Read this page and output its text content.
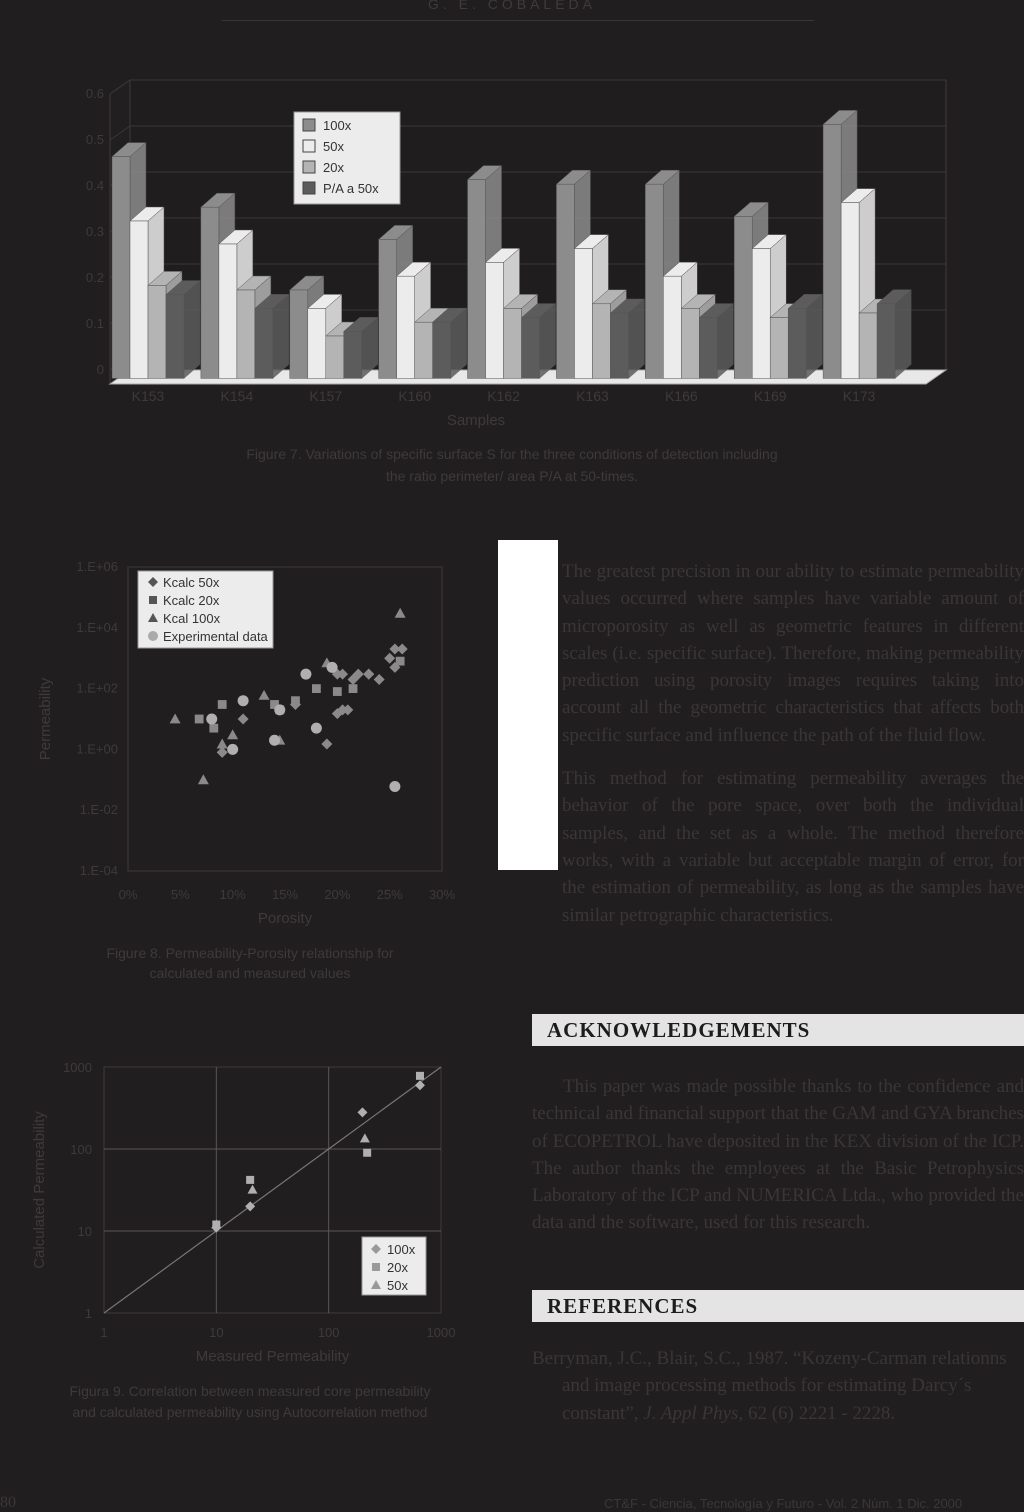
G. E. COBALEDA
0
0.1
0.2
0.3
0.4
0.5
0.6
K153	K154	K157	K160	K162	K163	K166	K169	K173
Samples
100x
50x
20x
P/A a 50x
Figure 7. Variations of specific surface S for the three conditions of detection including
the ratio perimeter/ area P/A at 50-times.
1.E-04
1.E-02
1.E+00
1.E+02
1.E+04
1.E+06
0%	5% 10% 15% 20% 25% 30%
Porosity
Permeability
Kcalc 50x
Kcalc 20x
Kcal 100x
Experimental data
Figure 8. Permeability-Porosity relationship for
calculated and measured values
1	10	100	1000
1
10
100
1000
Measured Permeability
Calculated Permeability	100x
20x
50x
Figura 9. Correlation between measured core permeability
and calculated permeability using Autocorrelation method

The greatest precision in our ability to estimate permeability values occurred where samples have variable amount of microporosity as well as geometric features in different scales (i.e. specific surface). Therefore, making permeability prediction using porosity images requires taking into account all the geometric characteristics that affects both specific surface and influence the path of the fluid flow.

This method for estimating permeability averages the behavior of the pore space, over both the individual samples, and the set as a whole. The method therefore works, with a variable but acceptable margin of error, for the estimation of permeability, as long as the samples have similar petrographic characteristics.

ACKNOWLEDGEMENTS
This paper was made possible thanks to the confidence and technical and financial support that the GAM and GYA branches of ECOPETROL have deposited in the KEX division of the ICP. The author thanks the employees at the Basic Petrophysics Laboratory of the ICP and NUMERICA Ltda., who provided the data and the software, used for this research.
REFERENCES
Berryman, J.C., Blair, S.C., 1987. “Kozeny-Carman relationns and image processing methods for estimating Darcy´s constant”, J. Appl Phys, 62 (6) 2221 - 2228.
80	CT&F - Ciencia, Tecnología y Futuro - Vol. 2 Núm. 1 Dic. 2000
